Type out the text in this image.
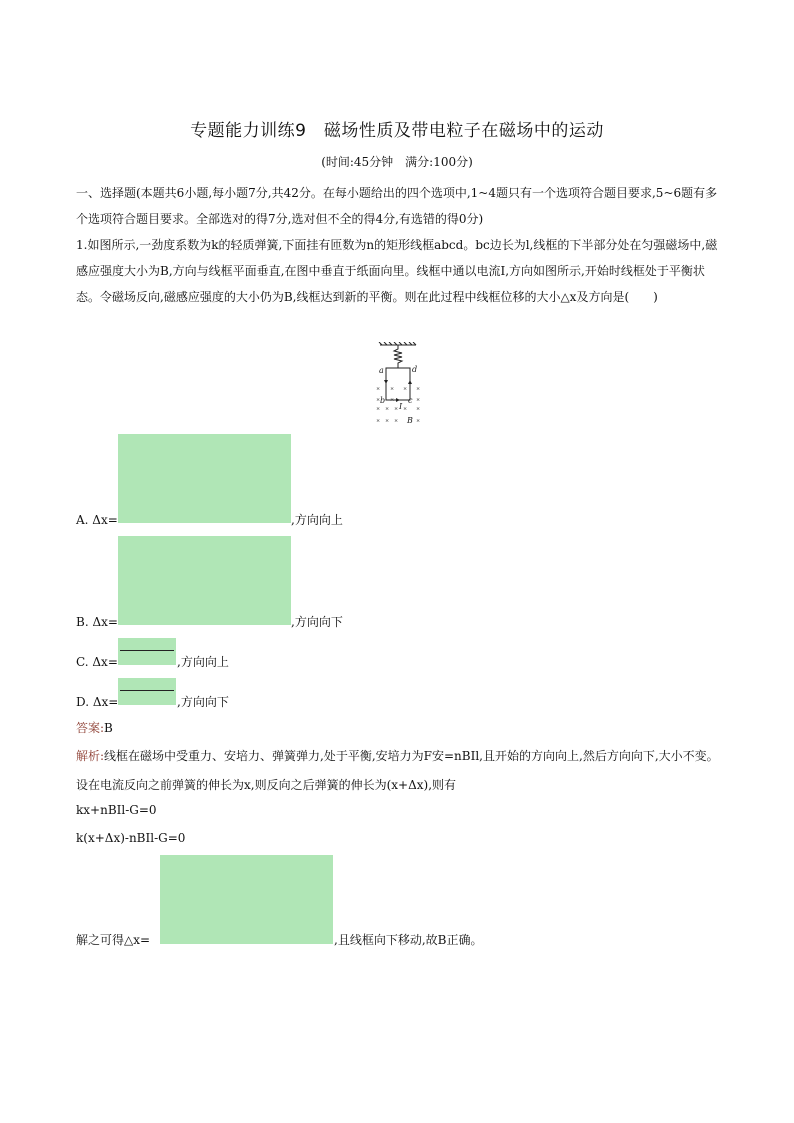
专题能力训练9　磁场性质及带电粒子在磁场中的运动
(时间:45分钟　满分:100分)
一、选择题(本题共6小题,每小题7分,共42分。在每小题给出的四个选项中,1~4题只有一个选项符合题目要求,5~6题有多个选项符合题目要求。全部选对的得7分,选对但不全的得4分,有选错的得0分)
1.如图所示,一劲度系数为k的轻质弹簧,下面挂有匝数为n的矩形线框abcd。bc边长为l,线框的下半部分处在匀强磁场中,磁感应强度大小为B,方向与线框平面垂直,在图中垂直于纸面向里。线框中通以电流I,方向如图所示,开始时线框处于平衡状态。令磁场反向,磁感应强度的大小仍为B,线框达到新的平衡。则在此过程中线框位移的大小△x及方向是(　　)
× × × ×
× ×	×
× × × × ×
× × ×	×
a	d
b	c
I
B
A. Δx=	,方向向上
B. Δx=	,方向向下
C. Δx=	,方向向上
D. Δx=	,方向向下
答案:B
解析:线框在磁场中受重力、安培力、弹簧弹力,处于平衡,安培力为F安=nBIl,且开始的方向向上,然后方向向下,大小不变。设在电流反向之前弹簧的伸长为x,则反向之后弹簧的伸长为(x+Δx),则有
kx+nBIl-G=0
k(x+Δx)-nBIl-G=0
解之可得△x=	,且线框向下移动,故B正确。
